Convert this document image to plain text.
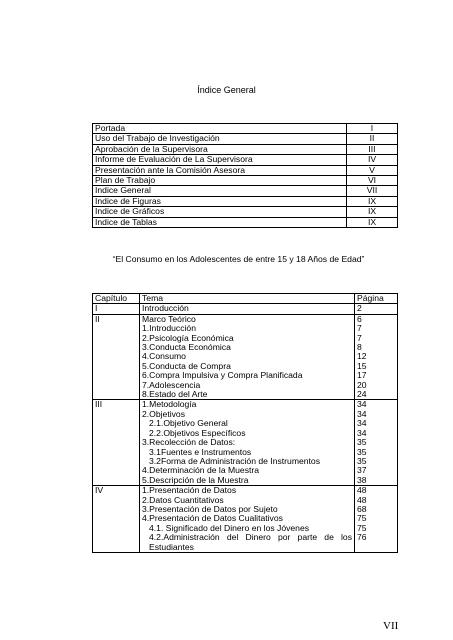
Índice General
Portada	I
Uso del Trabajo de Investigación	II
Aprobación de la Supervisora	III
Informe de Evaluación de La Supervisora	IV
Presentación ante la Comisión Asesora	V
Plan de Trabajo	VI
Indice General	VII
Indice de Figuras	IX
Indice de Gráficos	IX
Indice de Tablas	IX
“El Consumo en los Adolescentes de entre 15 y 18 Años de Edad”
Capítulo	Tema	Página
I	Introducción	2
II	Marco Teórico	6
	1.Introducción	7
	2.Psicología Económica	7
	3.Conducta Económica	8
	4.Consumo	12
	5.Conducta de Compra	15
	6.Compra Impulsiva y Compra Planificada	17
	7.Adolescencia	20
	8.Estado del Arte	24
III	1.Metodología	34
	2.Objetivos	34
	2.1.Objetivo General	34
	2.2.Objetivos Específicos	34
	3.Recolección de Datos:	35
	3.1Fuentes e Instrumentos	35
	3.2Forma de Administración de Instrumentos	35
	4.Determinación de la Muestra	37
	5.Descripción de la Muestra	38
IV	1.Presentación de Datos	48
	2.Datos Cuantitativos	48
	3.Presentación de Datos por Sujeto	68
	4.Presentación de Datos Cualitativos	75
	4.1. Significado del Dinero en los Jóvenes	75
	4.2.Administración del Dinero por parte de los Estudiantes	76
VII
